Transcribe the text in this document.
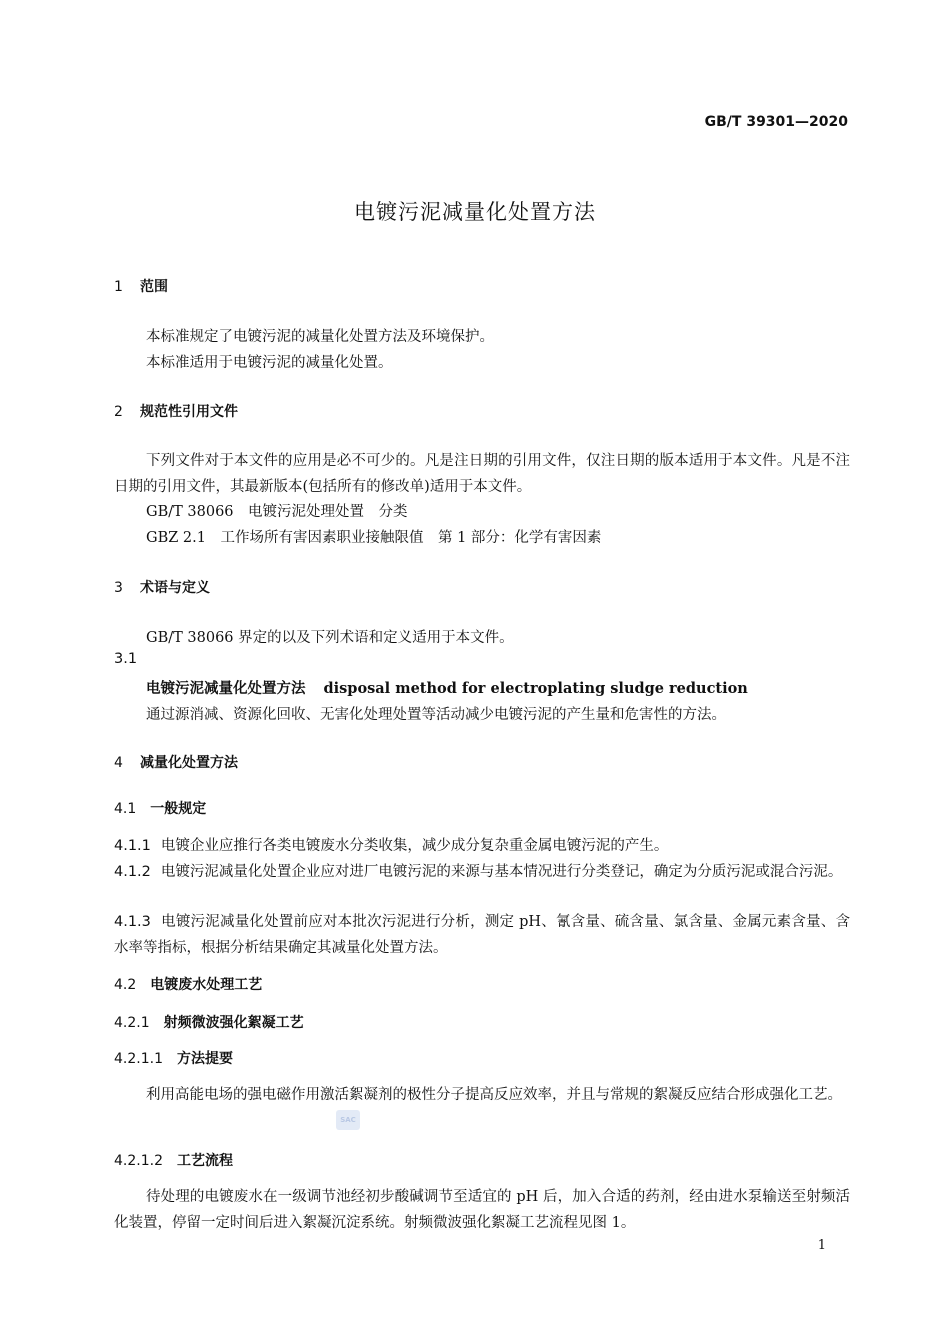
GB/T 39301—2020
电镀污泥减量化处置方法
1 范围
本标准规定了电镀污泥的减量化处置方法及环境保护。
本标准适用于电镀污泥的减量化处置。
2 规范性引用文件
下列文件对于本文件的应用是必不可少的。凡是注日期的引用文件，仅注日期的版本适用于本文件。凡是不注日期的引用文件，其最新版本(包括所有的修改单)适用于本文件。
GB/T 38066　电镀污泥处理处置　分类
GBZ 2.1　工作场所有害因素职业接触限值　第 1 部分：化学有害因素
3 术语与定义
GB/T 38066 界定的以及下列术语和定义适用于本文件。
3.1
电镀污泥减量化处置方法 disposal method for electroplating sludge reduction
通过源消减、资源化回收、无害化处理处置等活动减少电镀污泥的产生量和危害性的方法。
4 减量化处置方法
4.1 一般规定
4.1.1 电镀企业应推行各类电镀废水分类收集，减少成分复杂重金属电镀污泥的产生。
4.1.2 电镀污泥减量化处置企业应对进厂电镀污泥的来源与基本情况进行分类登记，确定为分质污泥或混合污泥。
4.1.3 电镀污泥减量化处置前应对本批次污泥进行分析，测定 pH、氰含量、硫含量、氯含量、金属元素含量、含水率等指标，根据分析结果确定其减量化处置方法。
4.2 电镀废水处理工艺
4.2.1 射频微波强化絮凝工艺
4.2.1.1 方法提要
利用高能电场的强电磁作用激活絮凝剂的极性分子提高反应效率，并且与常规的絮凝反应结合形成强化工艺。
SAC
4.2.1.2 工艺流程
待处理的电镀废水在一级调节池经初步酸碱调节至适宜的 pH 后，加入合适的药剂，经由进水泵输送至射频活化装置，停留一定时间后进入絮凝沉淀系统。射频微波强化絮凝工艺流程见图 1。
1
